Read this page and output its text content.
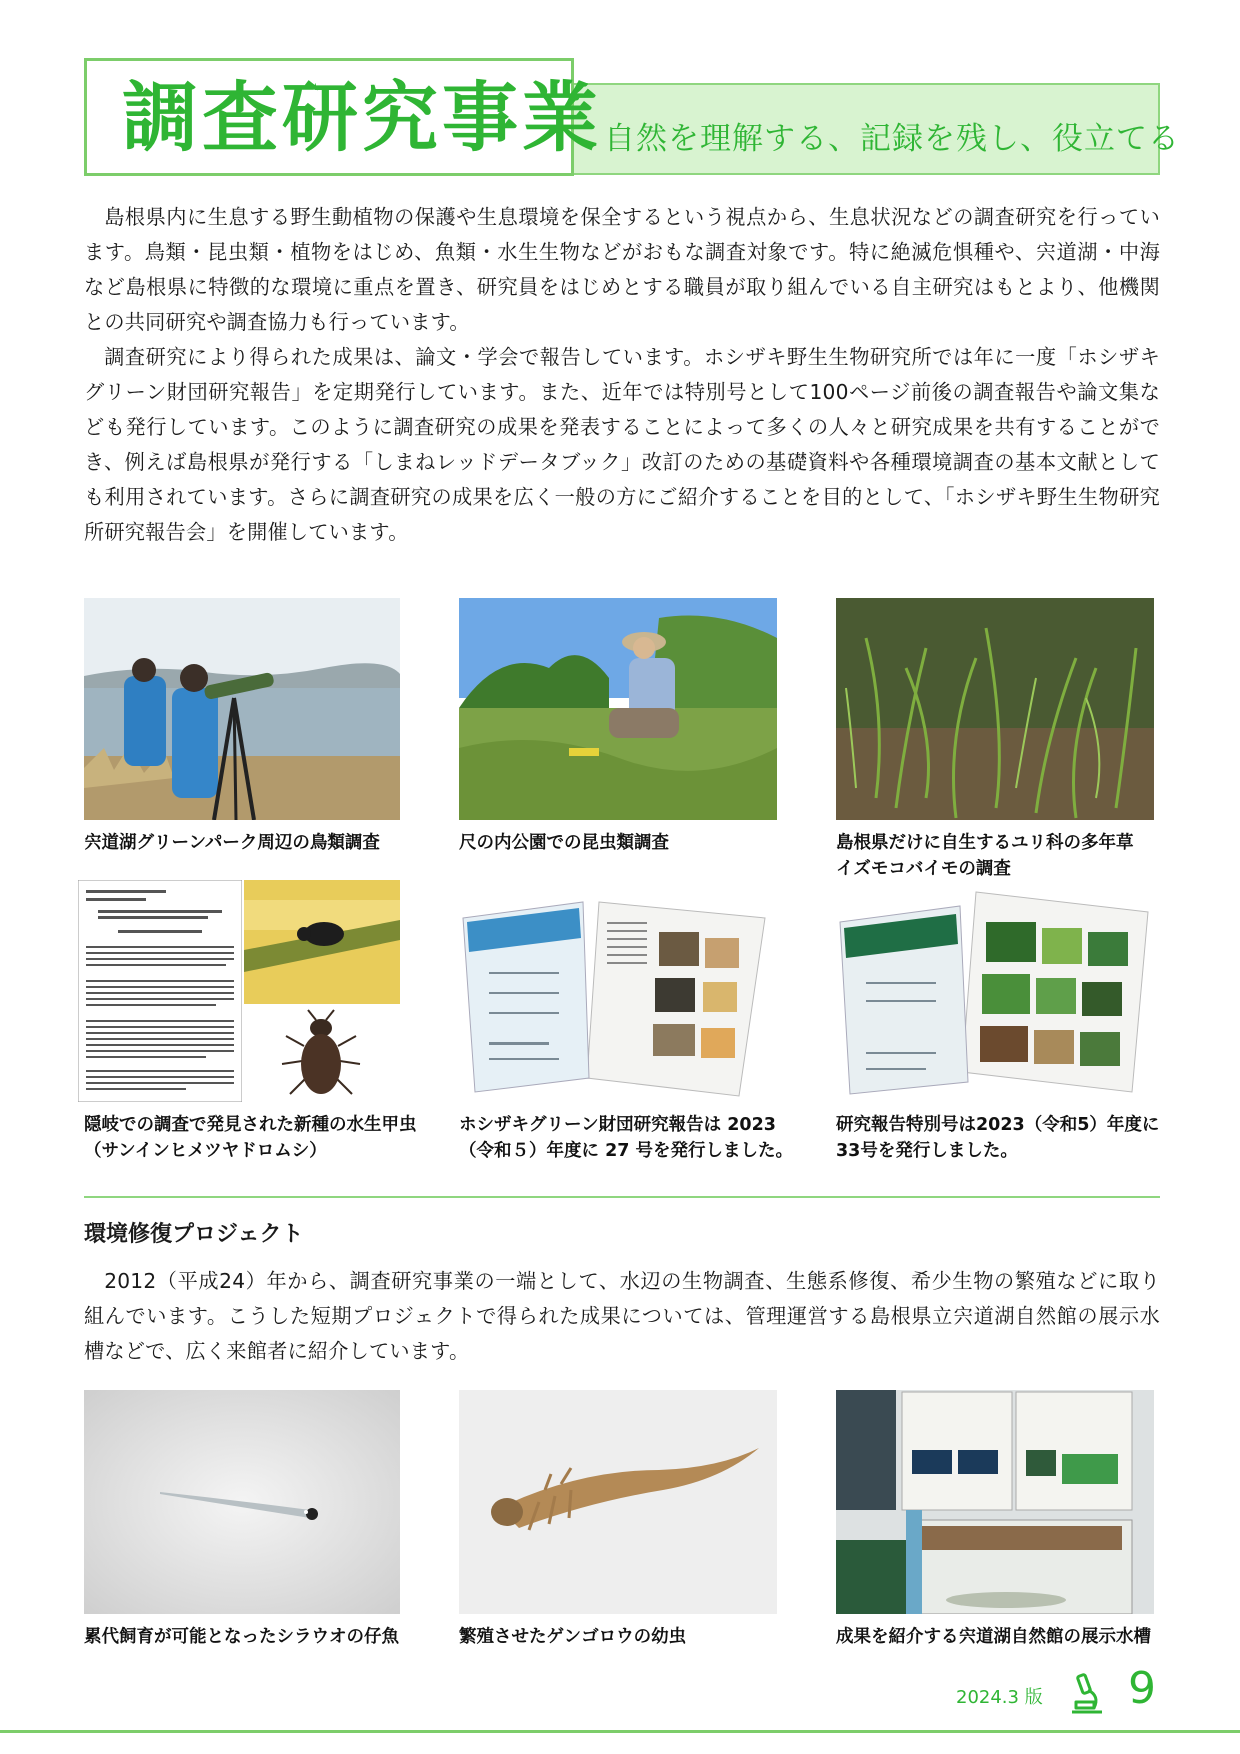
調査研究事業 自然を理解する、記録を残し、役立てる

島根県内に生息する野生動植物の保護や生息環境を保全するという視点から、生息状況などの調査研究を行っています。鳥類・昆虫類・植物をはじめ、魚類・水生生物などがおもな調査対象です。特に絶滅危惧種や、宍道湖・中海など島根県に特徴的な環境に重点を置き、研究員をはじめとする職員が取り組んでいる自主研究はもとより、他機関との共同研究や調査協力も行っています。

調査研究により得られた成果は、論文・学会で報告しています。ホシザキ野生生物研究所では年に一度「ホシザキグリーン財団研究報告」を定期発行しています。また、近年では特別号として100ページ前後の調査報告や論文集なども発行しています。このように調査研究の成果を発表することによって多くの人々と研究成果を共有することができ、例えば島根県が発行する「しまねレッドデータブック」改訂のための基礎資料や各種環境調査の基本文献としても利用されています。さらに調査研究の成果を広く一般の方にご紹介することを目的として、「ホシザキ野生生物研究所研究報告会」を開催しています。

宍道湖グリーンパーク周辺の鳥類調査	尺の内公園での昆虫類調査	島根県だけに自生するユリ科の多年草
イズモコバイモの調査

隠岐での調査で発見された新種の水生甲虫
（サンインヒメツヤドロムシ）

ホシザキグリーン財団研究報告は 2023
（令和５）年度に 27 号を発行しました。

研究報告特別号は2023（令和5）年度に
33号を発行しました。

環境修復プロジェクト

2012（平成24）年から、調査研究事業の一端として、水辺の生物調査、生態系修復、希少生物の繁殖などに取り組んでいます。こうした短期プロジェクトで得られた成果については、管理運営する島根県立宍道湖自然館の展示水槽などで、広く来館者に紹介しています。

累代飼育が可能となったシラウオの仔魚	繁殖させたゲンゴロウの幼虫	成果を紹介する宍道湖自然館の展示水槽

2024.3 版 9
